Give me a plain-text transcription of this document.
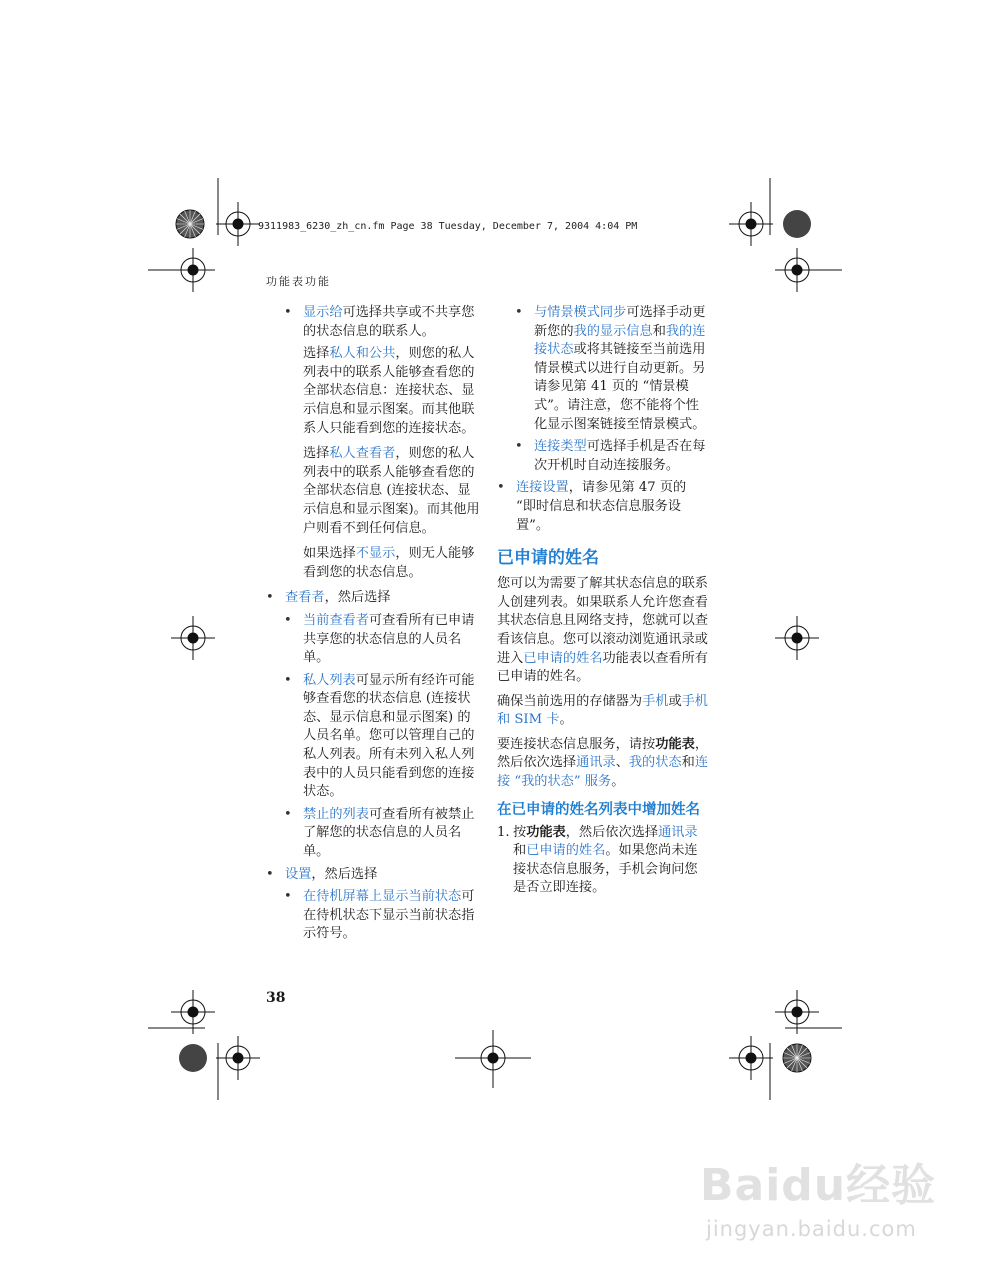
9311983_6230_zh_cn.fm Page 38 Tuesday, December 7, 2004 4:04 PM
功能表功能
• 显示给可选择共享或不共享您的状态信息的联系人。
选择私人和公共，则您的私人列表中的联系人能够查看您的全部状态信息：连接状态、显示信息和显示图案。而其他联系人只能看到您的连接状态。
选择私人查看者，则您的私人列表中的联系人能够查看您的全部状态信息 (连接状态、显示信息和显示图案)。而其他用户则看不到任何信息。
如果选择不显示，则无人能够看到您的状态信息。
• 查看者，然后选择
• 当前查看者可查看所有已申请共享您的状态信息的人员名单。
• 私人列表可显示所有经许可能够查看您的状态信息 (连接状态、显示信息和显示图案) 的人员名单。您可以管理自己的私人列表。所有未列入私人列表中的人员只能看到您的连接状态。
• 禁止的列表可查看所有被禁止了解您的状态信息的人员名单。
• 设置，然后选择
• 在待机屏幕上显示当前状态可在待机状态下显示当前状态指示符号。
• 与情景模式同步可选择手动更新您的我的显示信息和我的连接状态或将其链接至当前选用情景模式以进行自动更新。另请参见第 41 页的 “情景模式”。请注意，您不能将个性化显示图案链接至情景模式。
• 连接类型可选择手机是否在每次开机时自动连接服务。
• 连接设置，请参见第 47 页的 “即时信息和状态信息服务设置”。
已申请的姓名
您可以为需要了解其状态信息的联系人创建列表。如果联系人允许您查看其状态信息且网络支持，您就可以查看该信息。您可以滚动浏览通讯录或进入已申请的姓名功能表以查看所有已申请的姓名。
确保当前选用的存储器为手机或手机和 SIM 卡。
要连接状态信息服务，请按功能表，然后依次选择通讯录、我的状态和连接 “我的状态” 服务。
在已申请的姓名列表中增加姓名
1. 按功能表，然后依次选择通讯录和已申请的姓名。如果您尚未连接状态信息服务，手机会询问您是否立即连接。
38
Baidu经验
jingyan.baidu.com
